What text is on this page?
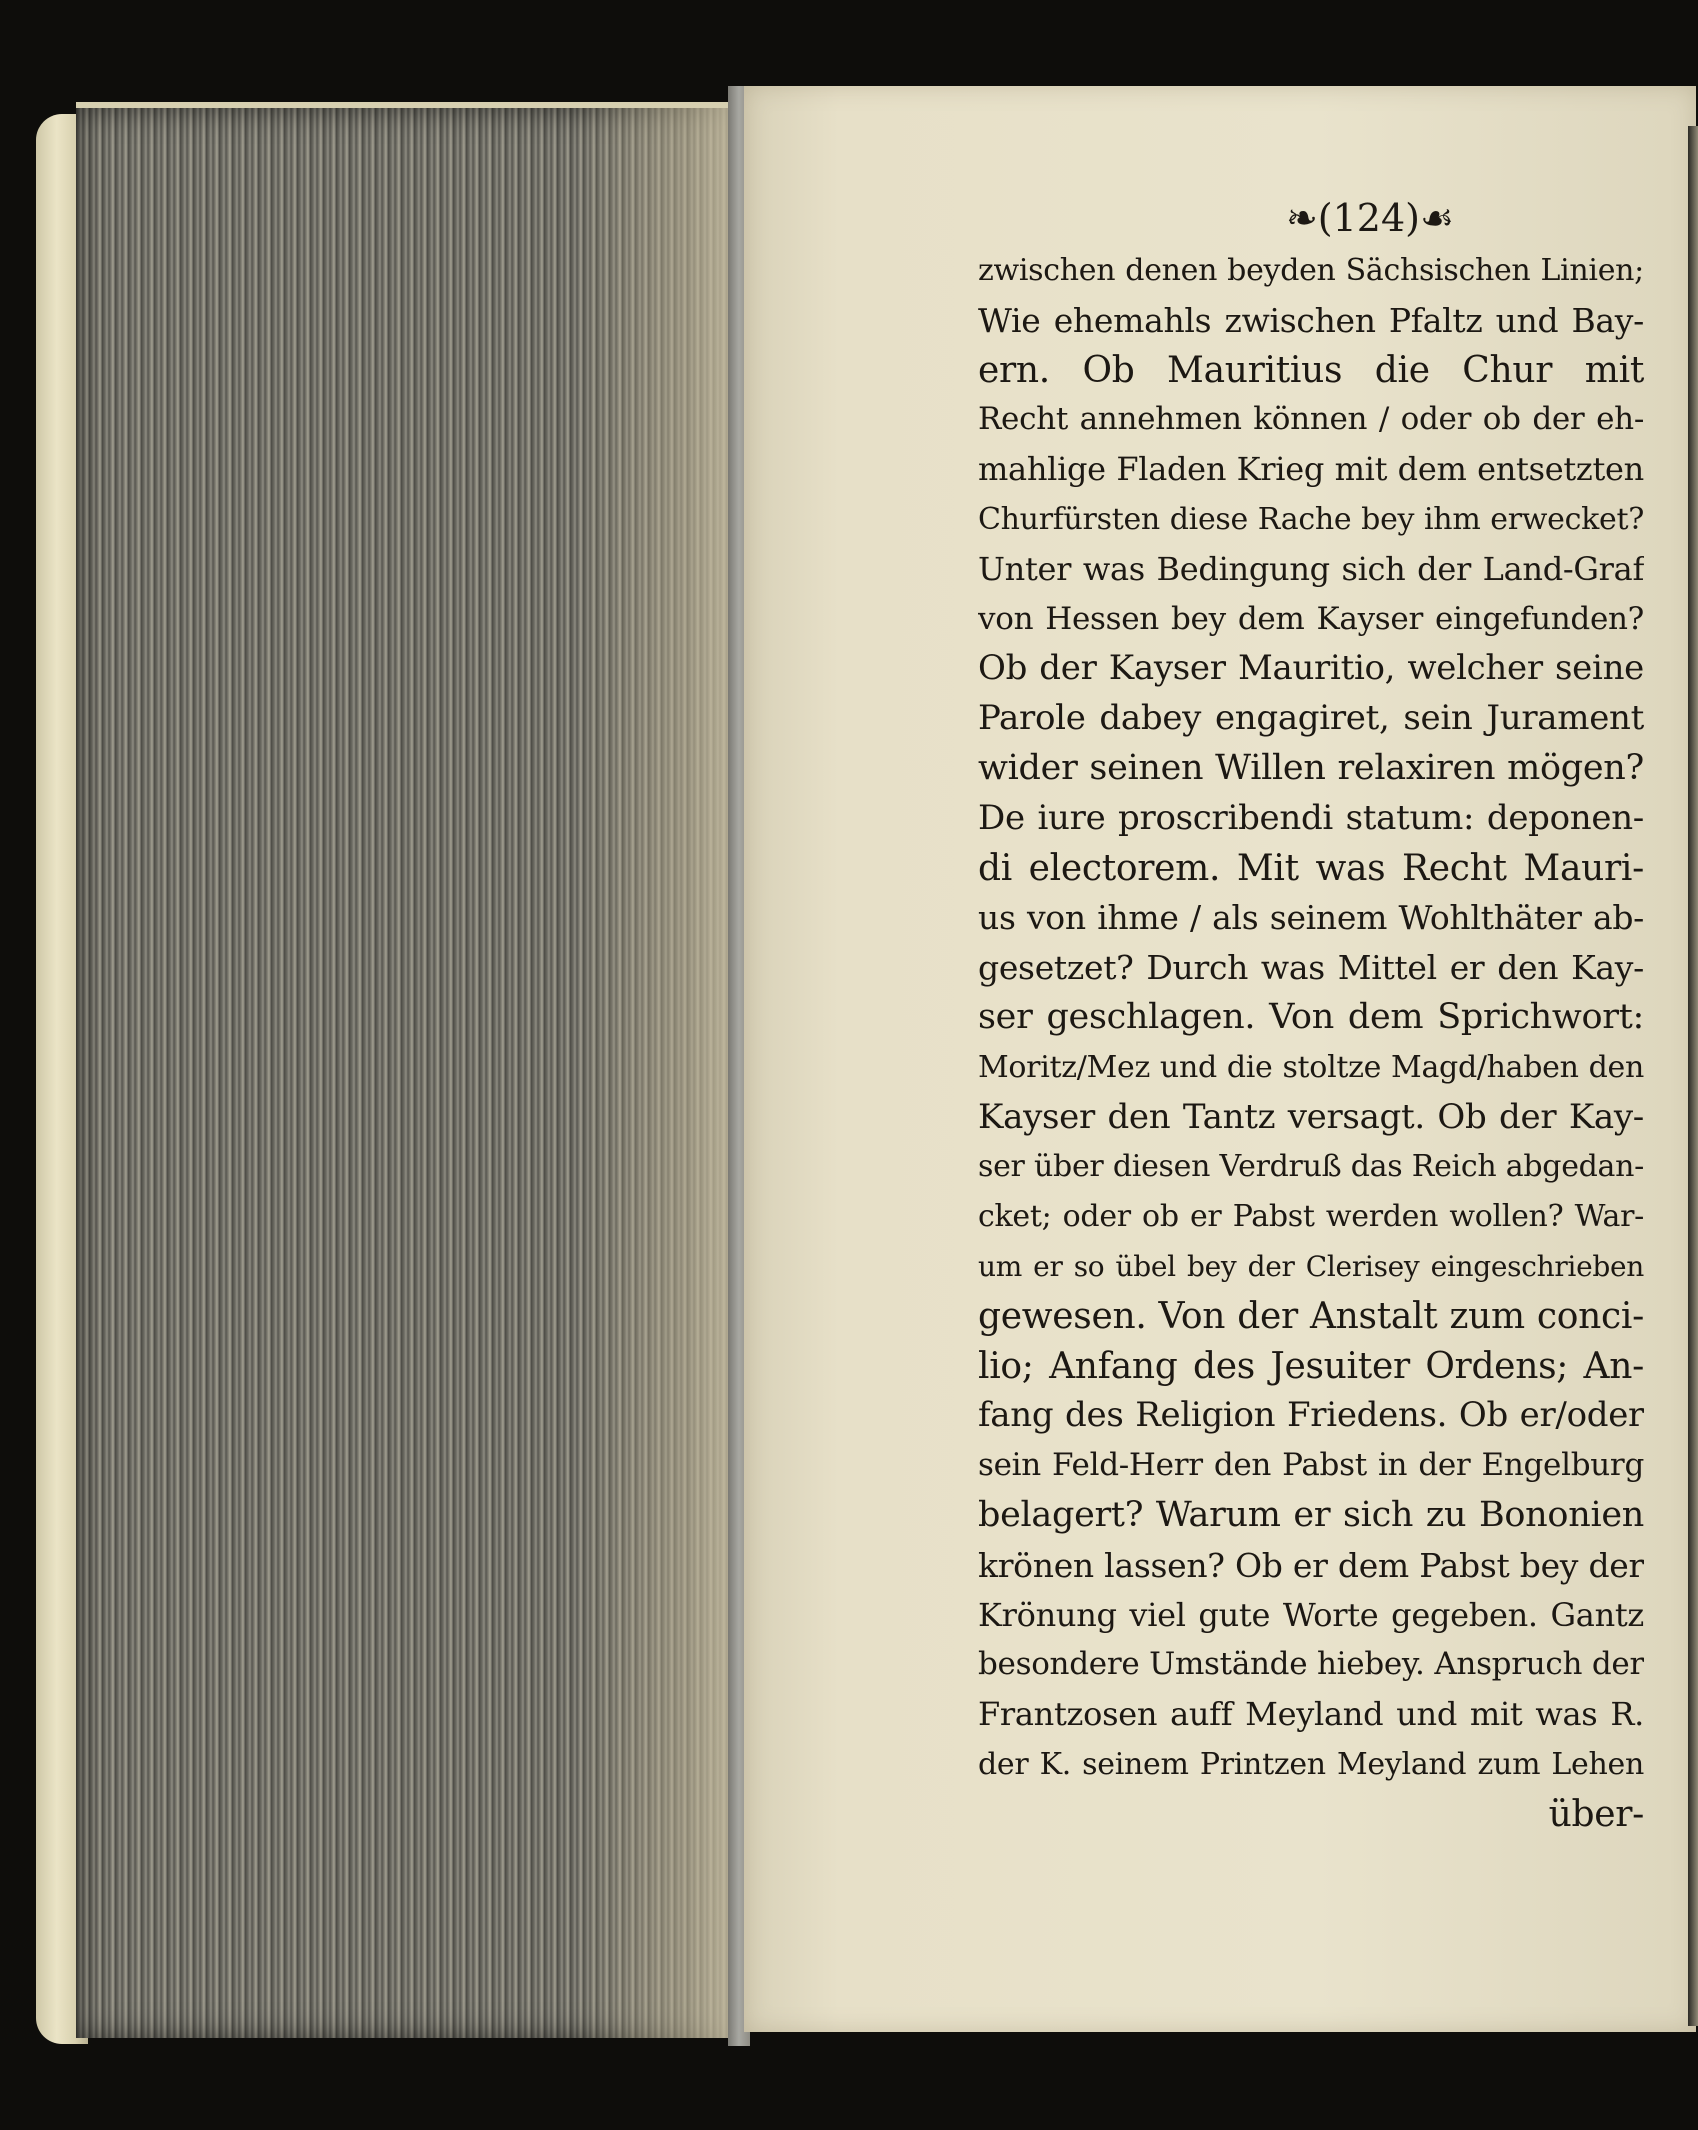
❧(124)☙
zwischen denen beyden Sächsischen Linien;
Wie ehemahls zwischen Pfaltz und Bay-
ern. Ob Mauritius die Chur mit
Recht annehmen können / oder ob der eh-
mahlige Fladen Krieg mit dem entsetzten
Churfürsten diese Rache bey ihm erwecket?
Unter was Bedingung sich der Land-Graf
von Hessen bey dem Kayser eingefunden?
Ob der Kayser Mauritio, welcher seine
Parole dabey engagiret, sein Jurament
wider seinen Willen relaxiren mögen?
De iure proscribendi statum: deponen-
di electorem. Mit was Recht Mauri-
us von ihme / als seinem Wohlthäter ab-
gesetzet? Durch was Mittel er den Kay-
ser geschlagen. Von dem Sprichwort:
Moritz/Mez und die stoltze Magd/haben den
Kayser den Tantz versagt. Ob der Kay-
ser über diesen Verdruß das Reich abgedan-
cket; oder ob er Pabst werden wollen? War-
um er so übel bey der Clerisey eingeschrieben
gewesen. Von der Anstalt zum conci-
lio; Anfang des Jesuiter Ordens; An-
fang des Religion Friedens. Ob er/oder
sein Feld-Herr den Pabst in der Engelburg
belagert? Warum er sich zu Bononien
krönen lassen? Ob er dem Pabst bey der
Krönung viel gute Worte gegeben. Gantz
besondere Umstände hiebey. Anspruch der
Frantzosen auff Meyland und mit was R.
der K. seinem Printzen Meyland zum Lehen
über-
